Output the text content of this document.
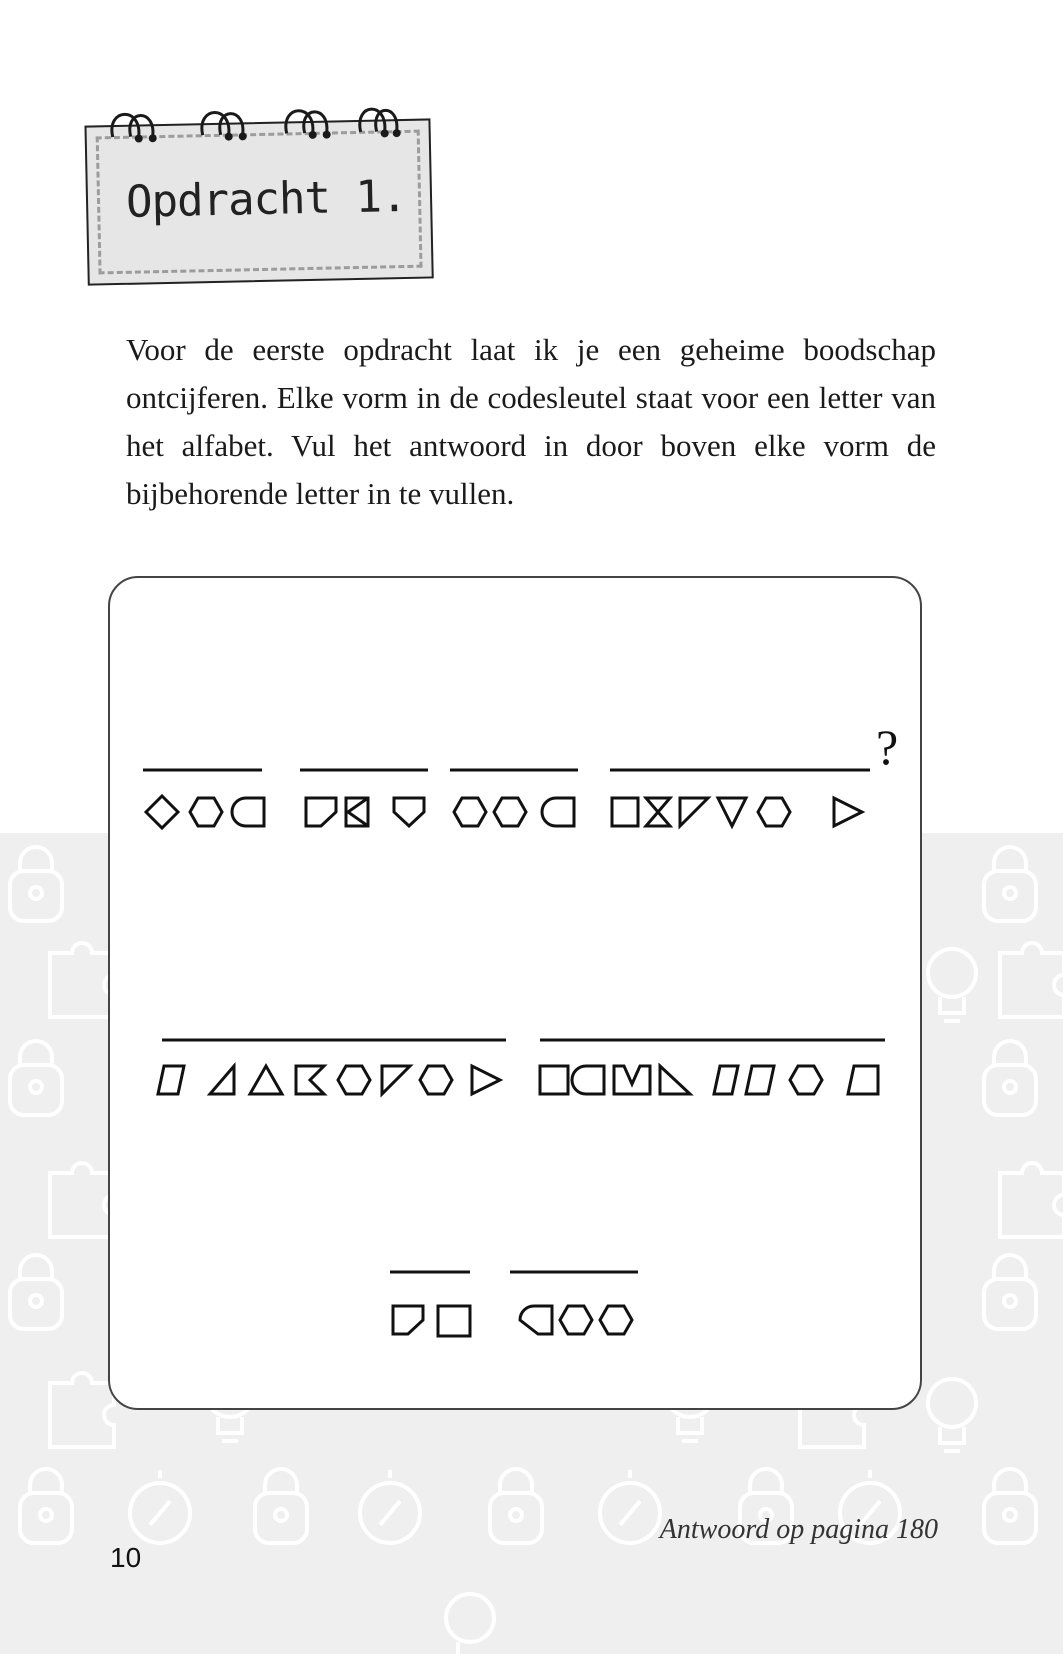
Opdracht 1.

Voor de eerste opdracht laat ik je een geheime boodschap ontcijferen. Elke vorm in de codesleutel staat voor een letter van het alfabet. Vul het antwoord in door boven elke vorm de bijbehorende letter in te vullen.

?
Antwoord op pagina 180
10
